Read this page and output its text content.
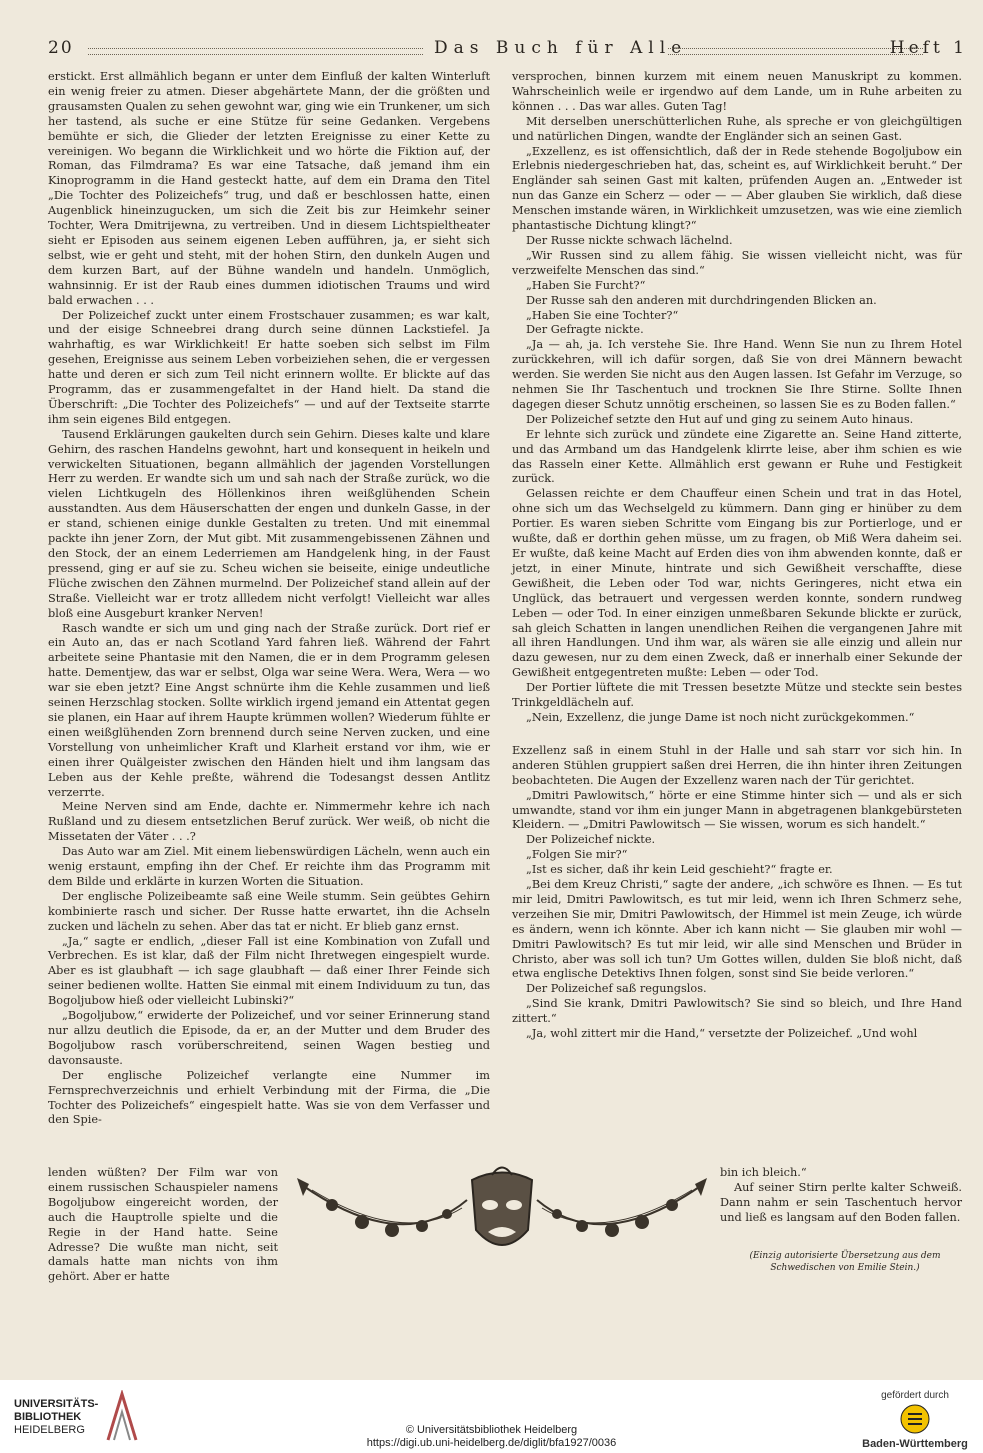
20	Das Buch für Alle	Heft 1

erstickt. Erst allmählich begann er unter dem Einfluß der kalten Winterluft ein wenig freier zu atmen. Dieser abgehärtete Mann, der die größten und grausamsten Qualen zu sehen gewohnt war, ging wie ein Trunkener, um sich her tastend, als suche er eine Stütze für seine Gedanken. Vergebens bemühte er sich, die Glieder der letzten Ereignisse zu einer Kette zu vereinigen. Wo begann die Wirklichkeit und wo hörte die Fiktion auf, der Roman, das Filmdrama? Es war eine Tatsache, daß jemand ihm ein Kinoprogramm in die Hand gesteckt hatte, auf dem ein Drama den Titel „Die Tochter des Polizeichefs“ trug, und daß er beschlossen hatte, einen Augenblick hineinzugucken, um sich die Zeit bis zur Heimkehr seiner Tochter, Wera Dmitrijewna, zu vertreiben. Und in diesem Lichtspieltheater sieht er Episoden aus seinem eigenen Leben aufführen, ja, er sieht sich selbst, wie er geht und steht, mit der hohen Stirn, den dunkeln Augen und dem kurzen Bart, auf der Bühne wandeln und handeln. Unmöglich, wahnsinnig. Er ist der Raub eines dummen idiotischen Traums und wird bald erwachen . . .

Der Polizeichef zuckt unter einem Frostschauer zusammen; es war kalt, und der eisige Schneebrei drang durch seine dünnen Lackstiefel. Ja wahrhaftig, es war Wirklichkeit! Er hatte soeben sich selbst im Film gesehen, Ereignisse aus seinem Leben vorbeiziehen sehen, die er vergessen hatte und deren er sich zum Teil nicht erinnern wollte. Er blickte auf das Programm, das er zusammengefaltet in der Hand hielt. Da stand die Überschrift: „Die Tochter des Polizeichefs“ — und auf der Textseite starrte ihm sein eigenes Bild entgegen.

Tausend Erklärungen gaukelten durch sein Gehirn. Dieses kalte und klare Gehirn, des raschen Handelns gewohnt, hart und konsequent in heikeln und verwickelten Situationen, begann allmählich der jagenden Vorstellungen Herr zu werden. Er wandte sich um und sah nach der Straße zurück, wo die vielen Lichtkugeln des Höllenkinos ihren weißglühenden Schein ausstandten. Aus dem Häuserschatten der engen und dunkeln Gasse, in der er stand, schienen einige dunkle Gestalten zu treten. Und mit einemmal packte ihn jener Zorn, der Mut gibt. Mit zusammengebissenen Zähnen und den Stock, der an einem Lederriemen am Handgelenk hing, in der Faust pressend, ging er auf sie zu. Scheu wichen sie beiseite, einige undeutliche Flüche zwischen den Zähnen murmelnd. Der Polizeichef stand allein auf der Straße. Vielleicht war er trotz allledem nicht verfolgt! Vielleicht war alles bloß eine Ausgeburt kranker Nerven!

Rasch wandte er sich um und ging nach der Straße zurück. Dort rief er ein Auto an, das er nach Scotland Yard fahren ließ. Während der Fahrt arbeitete seine Phantasie mit den Namen, die er in dem Programm gelesen hatte. Dementjew, das war er selbst, Olga war seine Wera. Wera, Wera — wo war sie eben jetzt? Eine Angst schnürte ihm die Kehle zusammen und ließ seinen Herzschlag stocken. Sollte wirklich irgend jemand ein Attentat gegen sie planen, ein Haar auf ihrem Haupte krümmen wollen? Wiederum fühlte er einen weißglühenden Zorn brennend durch seine Nerven zucken, und eine Vorstellung von unheimlicher Kraft und Klarheit erstand vor ihm, wie er einen ihrer Quälgeister zwischen den Händen hielt und ihm langsam das Leben aus der Kehle preßte, während die Todesangst dessen Antlitz verzerrte.

Meine Nerven sind am Ende, dachte er. Nimmermehr kehre ich nach Rußland und zu diesem entsetzlichen Beruf zurück. Wer weiß, ob nicht die Missetaten der Väter . . .?

Das Auto war am Ziel. Mit einem liebenswürdigen Lächeln, wenn auch ein wenig erstaunt, empfing ihn der Chef. Er reichte ihm das Programm mit dem Bilde und erklärte in kurzen Worten die Situation.

Der englische Polizeibeamte saß eine Weile stumm. Sein geübtes Gehirn kombinierte rasch und sicher. Der Russe hatte erwartet, ihn die Achseln zucken und lächeln zu sehen. Aber das tat er nicht. Er blieb ganz ernst.

„Ja,“ sagte er endlich, „dieser Fall ist eine Kombination von Zufall und Verbrechen. Es ist klar, daß der Film nicht Ihretwegen eingespielt wurde. Aber es ist glaubhaft — ich sage glaubhaft — daß einer Ihrer Feinde sich seiner bedienen wollte. Hatten Sie einmal mit einem Individuum zu tun, das Bogoljubow hieß oder vielleicht Lubinski?“

„Bogoljubow,“ erwiderte der Polizeichef, und vor seiner Erinnerung stand nur allzu deutlich die Episode, da er, an der Mutter und dem Bruder des Bogoljubow rasch vorüberschreitend, seinen Wagen bestieg und davonsauste.

Der englische Polizeichef verlangte eine Nummer im Fernsprechverzeichnis und erhielt Verbindung mit der Firma, die „Die Tochter des Polizeichefs“ eingespielt hatte. Was sie von dem Verfasser und den Spie-

lenden wüßten? Der Film war von einem russischen Schauspieler namens Bogoljubow eingereicht worden, der auch die Hauptrolle spielte und die Regie in der Hand hatte. Seine Adresse? Die wußte man nicht, seit damals hatte man nichts von ihm gehört. Aber er hatte

versprochen, binnen kurzem mit einem neuen Manuskript zu kommen. Wahrscheinlich weile er irgendwo auf dem Lande, um in Ruhe arbeiten zu können . . . Das war alles. Guten Tag!

Mit derselben unerschütterlichen Ruhe, als spreche er von gleichgültigen und natürlichen Dingen, wandte der Engländer sich an seinen Gast.

„Exzellenz, es ist offensichtlich, daß der in Rede stehende Bogoljubow ein Erlebnis niedergeschrieben hat, das, scheint es, auf Wirklichkeit beruht.“ Der Engländer sah seinen Gast mit kalten, prüfenden Augen an. „Entweder ist nun das Ganze ein Scherz — oder — — Aber glauben Sie wirklich, daß diese Menschen imstande wären, in Wirklichkeit umzusetzen, was wie eine ziemlich phantastische Dichtung klingt?“

Der Russe nickte schwach lächelnd.

„Wir Russen sind zu allem fähig. Sie wissen vielleicht nicht, was für verzweifelte Menschen das sind.“

„Haben Sie Furcht?“

Der Russe sah den anderen mit durchdringenden Blicken an.

„Haben Sie eine Tochter?“

Der Gefragte nickte.

„Ja — ah, ja. Ich verstehe Sie. Ihre Hand. Wenn Sie nun zu Ihrem Hotel zurückkehren, will ich dafür sorgen, daß Sie von drei Männern bewacht werden. Sie werden Sie nicht aus den Augen lassen. Ist Gefahr im Verzuge, so nehmen Sie Ihr Taschentuch und trocknen Sie Ihre Stirne. Sollte Ihnen dagegen dieser Schutz unnötig erscheinen, so lassen Sie es zu Boden fallen.“

Der Polizeichef setzte den Hut auf und ging zu seinem Auto hinaus.

Er lehnte sich zurück und zündete eine Zigarette an. Seine Hand zitterte, und das Armband um das Handgelenk klirrte leise, aber ihm schien es wie das Rasseln einer Kette. Allmählich erst gewann er Ruhe und Festigkeit zurück.

Gelassen reichte er dem Chauffeur einen Schein und trat in das Hotel, ohne sich um das Wechselgeld zu kümmern. Dann ging er hinüber zu dem Portier. Es waren sieben Schritte vom Eingang bis zur Portierloge, und er wußte, daß er dorthin gehen müsse, um zu fragen, ob Miß Wera daheim sei. Er wußte, daß keine Macht auf Erden dies von ihm abwenden konnte, daß er jetzt, in einer Minute, hintrate und sich Gewißheit verschaffte, diese Gewißheit, die Leben oder Tod war, nichts Geringeres, nicht etwa ein Unglück, das betrauert und vergessen werden konnte, sondern rundweg Leben — oder Tod. In einer einzigen unmeßbaren Sekunde blickte er zurück, sah gleich Schatten in langen unendlichen Reihen die vergangenen Jahre mit all ihren Handlungen. Und ihm war, als wären sie alle einzig und allein nur dazu gewesen, nur zu dem einen Zweck, daß er innerhalb einer Sekunde der Gewißheit entgegentreten mußte: Leben — oder Tod.

Der Portier lüftete die mit Tressen besetzte Mütze und steckte sein bestes Trinkgeldlächeln auf.

„Nein, Exzellenz, die junge Dame ist noch nicht zurückgekommen.“

Exzellenz saß in einem Stuhl in der Halle und sah starr vor sich hin. In anderen Stühlen gruppiert saßen drei Herren, die ihn hinter ihren Zeitungen beobachteten. Die Augen der Exzellenz waren nach der Tür gerichtet.

„Dmitri Pawlowitsch,“ hörte er eine Stimme hinter sich — und als er sich umwandte, stand vor ihm ein junger Mann in abgetragenen blankgebürsteten Kleidern. — „Dmitri Pawlowitsch — Sie wissen, worum es sich handelt.“

Der Polizeichef nickte.

„Folgen Sie mir?“

„Ist es sicher, daß ihr kein Leid geschieht?“ fragte er.

„Bei dem Kreuz Christi,“ sagte der andere, „ich schwöre es Ihnen. — Es tut mir leid, Dmitri Pawlowitsch, es tut mir leid, wenn ich Ihren Schmerz sehe, verzeihen Sie mir, Dmitri Pawlowitsch, der Himmel ist mein Zeuge, ich würde es ändern, wenn ich könnte. Aber ich kann nicht — Sie glauben mir wohl — Dmitri Pawlowitsch? Es tut mir leid, wir alle sind Menschen und Brüder in Christo, aber was soll ich tun? Um Gottes willen, dulden Sie bloß nicht, daß etwa englische Detektivs Ihnen folgen, sonst sind Sie beide verloren.“

Der Polizeichef saß regungslos.

„Sind Sie krank, Dmitri Pawlowitsch? Sie sind so bleich, und Ihre Hand zittert.“

„Ja, wohl zittert mir die Hand,“ versetzte der Polizeichef. „Und wohl

bin ich bleich.“

Auf seiner Stirn perlte kalter Schweiß. Dann nahm er sein Taschentuch hervor und ließ es langsam auf den Boden fallen.

(Einzig autorisierte Übersetzung aus dem Schwedischen von Emilie Stein.)
UNIVERSITÄTS-
BIBLIOTHEK
HEIDELBERG	© Universitätsbibliothek Heidelberg
https://digi.ub.uni-heidelberg.de/diglit/bfa1927/0036
gefördert durch
Baden-Württemberg
